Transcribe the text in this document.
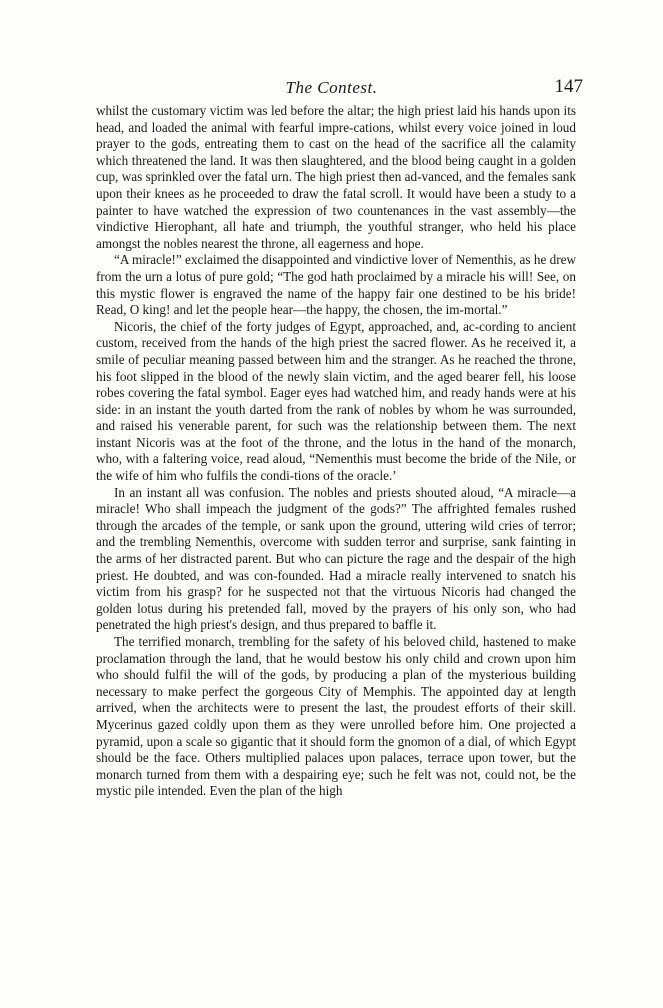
The Contest.	147

whilst the customary victim was led before the altar; the high priest laid his hands upon its head, and loaded the animal with fearful impre-cations, whilst every voice joined in loud prayer to the gods, entreating them to cast on the head of the sacrifice all the calamity which threatened the land. It was then slaughtered, and the blood being caught in a golden cup, was sprinkled over the fatal urn. The high priest then ad-vanced, and the females sank upon their knees as he proceeded to draw the fatal scroll. It would have been a study to a painter to have watched the expression of two countenances in the vast assembly—the vindictive Hierophant, all hate and triumph, the youthful stranger, who held his place amongst the nobles nearest the throne, all eagerness and hope.

“A miracle!” exclaimed the disappointed and vindictive lover of Nementhis, as he drew from the urn a lotus of pure gold; “The god hath proclaimed by a miracle his will! See, on this mystic flower is engraved the name of the happy fair one destined to be his bride! Read, O king! and let the people hear—the happy, the chosen, the im-mortal.”

Nicoris, the chief of the forty judges of Egypt, approached, and, ac-cording to ancient custom, received from the hands of the high priest the sacred flower. As he received it, a smile of peculiar meaning passed between him and the stranger. As he reached the throne, his foot slipped in the blood of the newly slain victim, and the aged bearer fell, his loose robes covering the fatal symbol. Eager eyes had watched him, and ready hands were at his side: in an instant the youth darted from the rank of nobles by whom he was surrounded, and raised his venerable parent, for such was the relationship between them. The next instant Nicoris was at the foot of the throne, and the lotus in the hand of the monarch, who, with a faltering voice, read aloud, “Nementhis must become the bride of the Nile, or the wife of him who fulfils the condi-tions of the oracle.’

In an instant all was confusion. The nobles and priests shouted aloud, “A miracle—a miracle! Who shall impeach the judgment of the gods?” The affrighted females rushed through the arcades of the temple, or sank upon the ground, uttering wild cries of terror; and the trembling Nementhis, overcome with sudden terror and surprise, sank fainting in the arms of her distracted parent. But who can picture the rage and the despair of the high priest. He doubted, and was con-founded. Had a miracle really intervened to snatch his victim from his grasp? for he suspected not that the virtuous Nicoris had changed the golden lotus during his pretended fall, moved by the prayers of his only son, who had penetrated the high priest's design, and thus prepared to baffle it.

The terrified monarch, trembling for the safety of his beloved child, hastened to make proclamation through the land, that he would bestow his only child and crown upon him who should fulfil the will of the gods, by producing a plan of the mysterious building necessary to make perfect the gorgeous City of Memphis. The appointed day at length arrived, when the architects were to present the last, the proudest efforts of their skill. Mycerinus gazed coldly upon them as they were unrolled before him. One projected a pyramid, upon a scale so gigantic that it should form the gnomon of a dial, of which Egypt should be the face. Others multiplied palaces upon palaces, terrace upon tower, but the monarch turned from them with a despairing eye; such he felt was not, could not, be the mystic pile intended. Even the plan of the high
